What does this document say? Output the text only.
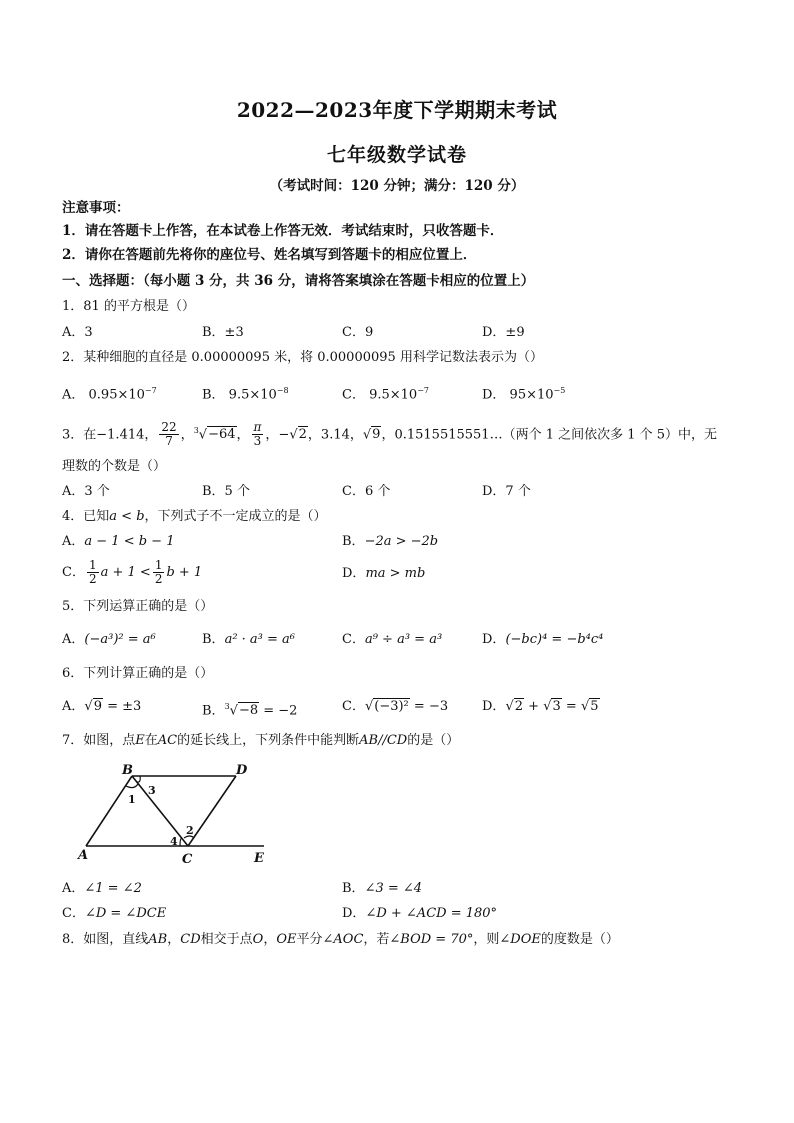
2022—2023年度下学期期末考试
七年级数学试卷
（考试时间：120 分钟；满分：120 分）
注意事项：
1．请在答题卡上作答，在本试卷上作答无效．考试结束时，只收答题卡．
2．请你在答题前先将你的座位号、姓名填写到答题卡的相应位置上．
一、选择题：（每小题 3 分，共 36 分，请将答案填涂在答题卡相应的位置上）
1．81 的平方根是（）
A．3	B．±3	C．9	D．±9
2．某种细胞的直径是 0.00000095 米，将 0.00000095 用科学记数法表示为（）
A． $0.95\times 10^{-7}$	B． $9.5\times 10^{-8}$	C． $9.5\times 10^{-7}$	D． $95\times 10^{-5}$
3．在−1.414， $\frac{22}{7}$ ，$^3$√−64， $\frac{\pi}{3}$ ，−√2，3.14，√9，0.1515515551…（两个 1 之间依次多 1 个 5）中，无
理数的个数是（）
A．3 个	B．5 个	C．6 个	D．7 个
4．已知a < b，下列式子不一定成立的是（）
A．a − 1 < b − 1	B．−2a > −2b
C． $\frac{1}{2}$ $a + 1 < \frac{1}{2}$ b + 1	D．ma > mb
5．下列运算正确的是（）
A．(−a³)² = a⁶	B．a² · a³ = a⁶	C．a⁹ ÷ a³ = a³	D．(−bc)⁴ = −b⁴c⁴
6．下列计算正确的是（）
A．√9 = ±3	B．$^3$√−8 = −2	C．√(−3)² = −3	D．√2 + √3 = √5
7．如图，点E在AC的延长线上，下列条件中能判断AB//CD的是（）
B	D
A	C	E
1
3
2
4
A．∠1 = ∠2	B．∠3 = ∠4
C．∠D = ∠DCE	D．∠D + ∠ACD = 180°
8．如图，直线AB，CD相交于点O，OE平分∠AOC，若∠BOD = 70°，则∠DOE的度数是（）
